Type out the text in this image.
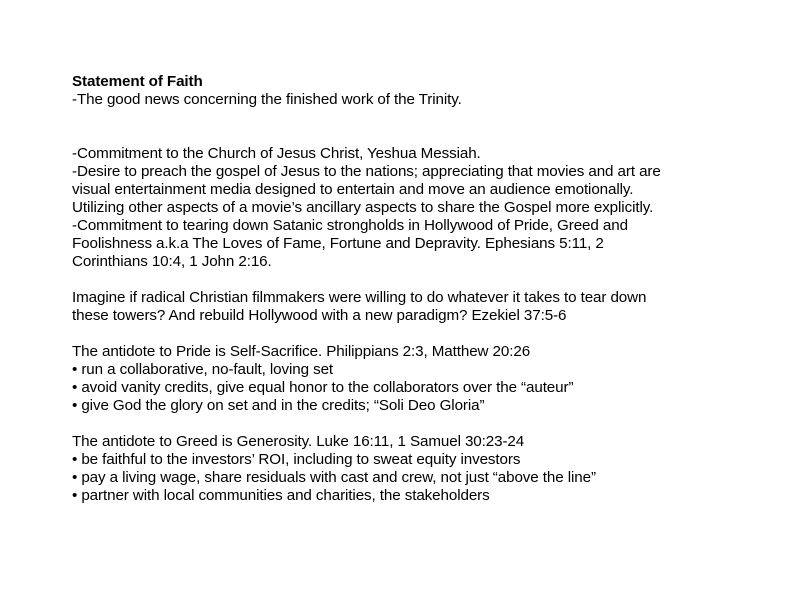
Statement of Faith
-The good news concerning the finished work of the Trinity.
-Commitment to the Church of Jesus Christ, Yeshua Messiah.
-Desire to preach the gospel of Jesus to the nations; appreciating that movies and art are
visual entertainment media designed to entertain and move an audience emotionally.
Utilizing other aspects of a movie’s ancillary aspects to share the Gospel more explicitly.
-Commitment to tearing down Satanic strongholds in Hollywood of Pride, Greed and
Foolishness a.k.a The Loves of Fame, Fortune and Depravity. Ephesians 5:11, 2
Corinthians 10:4, 1 John 2:16.
Imagine if radical Christian filmmakers were willing to do whatever it takes to tear down
these towers? And rebuild Hollywood with a new paradigm? Ezekiel 37:5-6
The antidote to Pride is Self-Sacrifice. Philippians 2:3, Matthew 20:26
• run a collaborative, no-fault, loving set
• avoid vanity credits, give equal honor to the collaborators over the “auteur”
• give God the glory on set and in the credits; “Soli Deo Gloria”
The antidote to Greed is Generosity. Luke 16:11, 1 Samuel 30:23-24
• be faithful to the investors’ ROI, including to sweat equity investors
• pay a living wage, share residuals with cast and crew, not just “above the line”
• partner with local communities and charities, the stakeholders
